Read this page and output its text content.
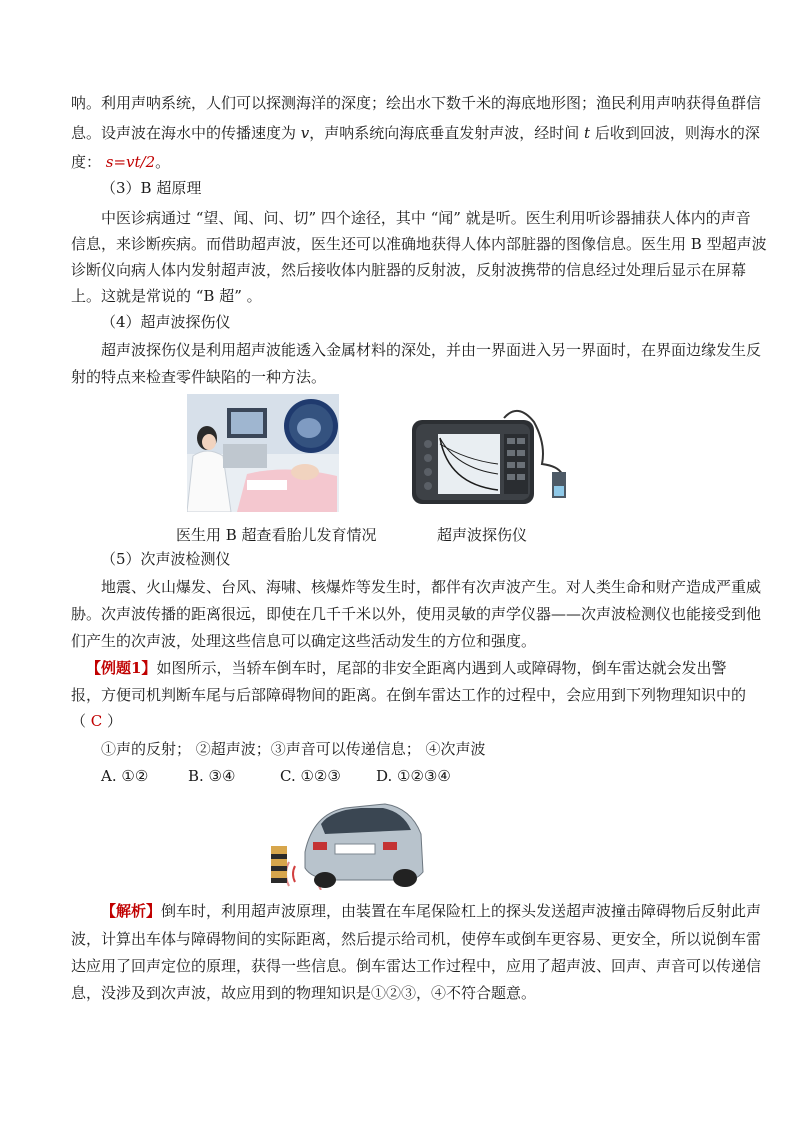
呐。利用声呐系统，人们可以探测海洋的深度；绘出水下数千米的海底地形图；渔民利用声呐获得鱼群信
息。设声波在海水中的传播速度为 v，声呐系统向海底垂直发射声波，经时间 t 后收到回波，则海水的深
度： s=vt/2。
（3）B 超原理
中医诊病通过 “望、闻、问、切” 四个途径，其中 “闻” 就是听。医生利用听诊器捕获人体内的声音
信息，来诊断疾病。而借助超声波，医生还可以准确地获得人体内部脏器的图像信息。医生用 B 型超声波
诊断仪向病人体内发射超声波，然后接收体内脏器的反射波，反射波携带的信息经过处理后显示在屏幕
上。这就是常说的 “B 超” 。
（4）超声波探伤仪
超声波探伤仪是利用超声波能透入金属材料的深处，并由一界面进入另一界面时，在界面边缘发生反
射的特点来检查零件缺陷的一种方法。
医生用 B 超查看胎儿发育情况	超声波探伤仪
（5）次声波检测仪
地震、火山爆发、台风、海啸、核爆炸等发生时，都伴有次声波产生。对人类生命和财产造成严重威
胁。次声波传播的距离很远，即使在几千千米以外，使用灵敏的声学仪器——次声波检测仪也能接受到他
们产生的次声波，处理这些信息可以确定这些活动发生的方位和强度。
【例题1】如图所示，当轿车倒车时，尾部的非安全距离内遇到人或障碍物，倒车雷达就会发出警
报，方便司机判断车尾与后部障碍物间的距离。在倒车雷达工作的过程中，会应用到下列物理知识中的
（ C ）
①声的反射； ②超声波；③声音可以传递信息； ④次声波
A. ①②	B. ③④	C. ①②③ D. ①②③④
【解析】倒车时，利用超声波原理，由装置在车尾保险杠上的探头发送超声波撞击障碍物后反射此声
波，计算出车体与障碍物间的实际距离，然后提示给司机，使停车或倒车更容易、更安全，所以说倒车雷
达应用了回声定位的原理，获得一些信息。倒车雷达工作过程中，应用了超声波、回声、声音可以传递信
息，没涉及到次声波，故应用到的物理知识是①②③，④不符合题意。
